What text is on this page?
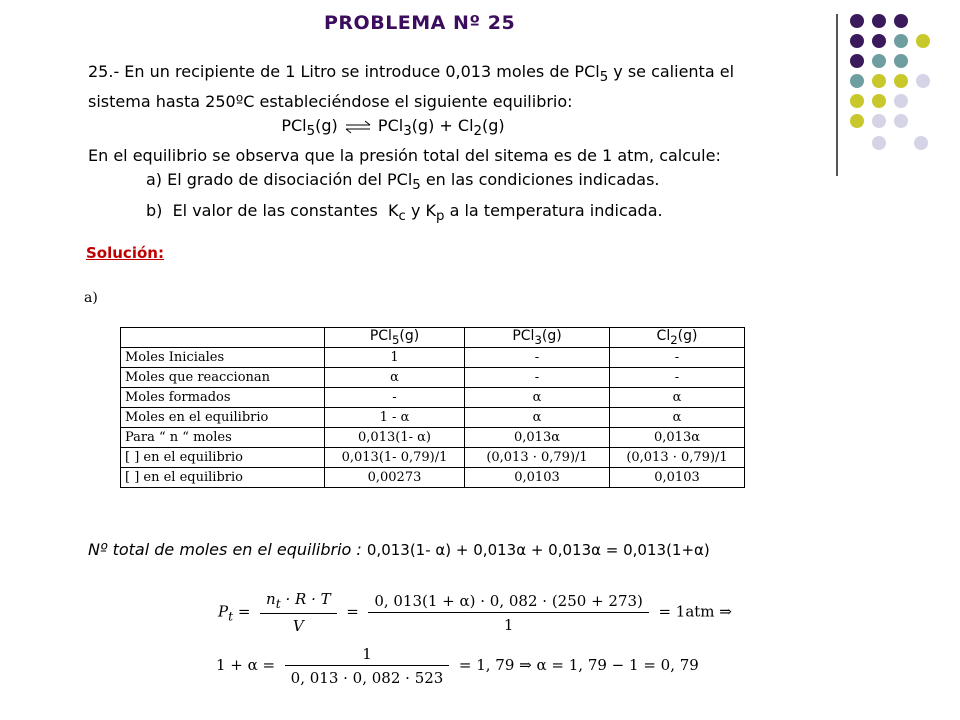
PROBLEMA Nº 25

25.- En un recipiente de 1 Litro se introduce 0,013 moles de PCl$_5$ y se calienta el

sistema hasta 250ºC estableciéndose el siguiente equilibrio:

PCl$_5$(g) ⇌ $PCl_3(g) + Cl_2(g)$

En el equilibrio se observa que la presión total del sitema es de 1 atm, calcule:

a) El grado de disociación del PCl$_5$ en las condiciones indicadas.

b)  El valor de las constantes  $K_c$ y $K_p$ a la temperatura indicada.

Solución:
a)
	PCl$_5$(g)	PCl$_3$(g)	$Cl_2(g)$
Moles Iniciales	1	-	-
Moles que reaccionan	α	-	-
Moles formados	-	α	α
Moles en el equilibrio	1 - α	α	α
Para “ n “ moles	0,013(1- α)	0,013α	0,013α
[ ] en el equilibrio	0,013(1- 0,79)/1	(0,013 · 0,79)/1	(0,013 · 0,79)/1
[ ] en el equilibrio	0,00273	0,0103	0,0103
Nº total de moles en el equilibrio : 0,013(1- α) + 0,013α + 0,013α = 0,013(1+α)
$P_t = \frac{n_t \cdot R \cdot T}{V} = \frac{0, 013(1 + \alpha) \cdot 0, 082 \cdot (250 + 273)}{1} = 1atm$ ⇒
$1 + \alpha = \frac{1}{0, 013 \cdot 0, 082 \cdot 523} = 1$, 79 ⇒ α = 1, 79 − 1 = 0, 79
